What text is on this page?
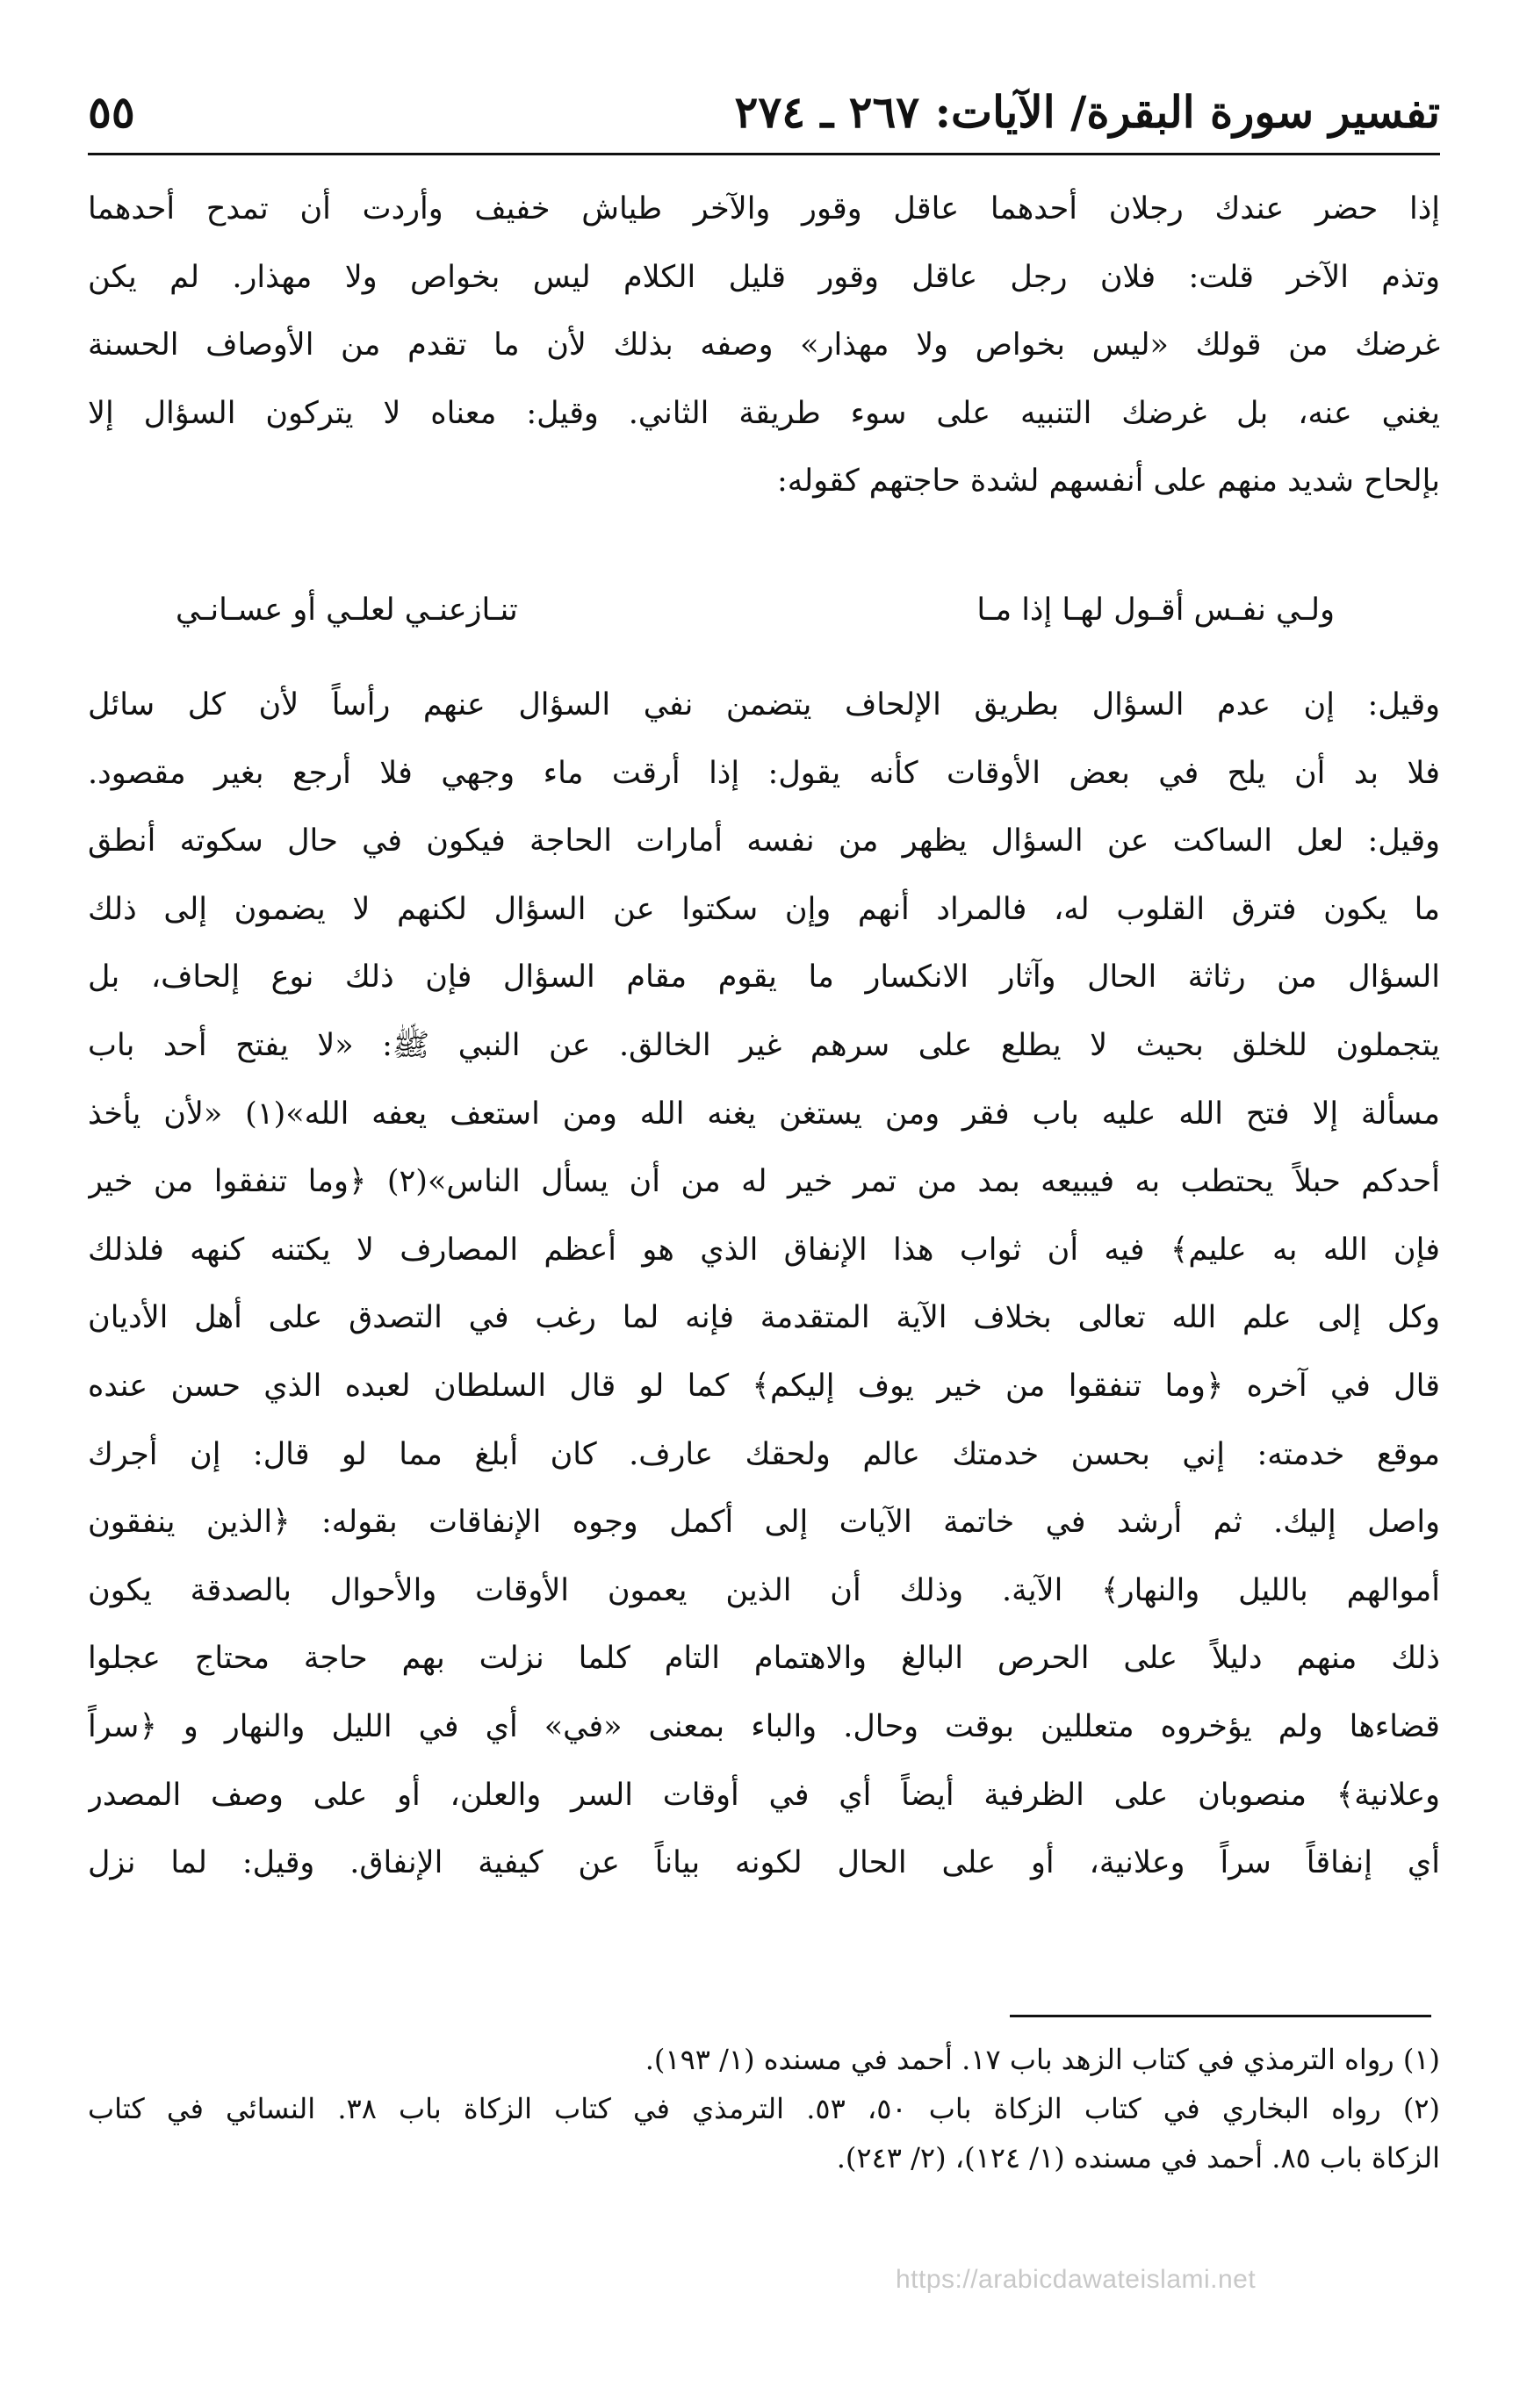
تفسير سورة البقرة/ الآيات: ٢٦٧ ـ ٢٧٤
٥٥
إذا حضر عندك رجلان أحدهما عاقل وقور والآخر طياش خفيف وأردت أن تمدح أحدهما
وتذم الآخر قلت: فلان رجل عاقل وقور قليل الكلام ليس بخواص ولا مهذار. لم يكن
غرضك من قولك «ليس بخواص ولا مهذار» وصفه بذلك لأن ما تقدم من الأوصاف الحسنة
يغني عنه، بل غرضك التنبيه على سوء طريقة الثاني. وقيل: معناه لا يتركون السؤال إلا
بإلحاح شديد منهم على أنفسهم لشدة حاجتهم كقوله:
ولـي نفـس أقـول لهـا إذا مـا
تنـازعنـي لعلـي أو عسـانـي
وقيل: إن عدم السؤال بطريق الإلحاف يتضمن نفي السؤال عنهم رأساً لأن كل سائل
فلا بد أن يلح في بعض الأوقات كأنه يقول: إذا أرقت ماء وجهي فلا أرجع بغير مقصود.
وقيل: لعل الساكت عن السؤال يظهر من نفسه أمارات الحاجة فيكون في حال سكوته أنطق
ما يكون فترق القلوب له، فالمراد أنهم وإن سكتوا عن السؤال لكنهم لا يضمون إلى ذلك
السؤال من رثاثة الحال وآثار الانكسار ما يقوم مقام السؤال فإن ذلك نوع إلحاف، بل
يتجملون للخلق بحيث لا يطلع على سرهم غير الخالق. عن النبي ﷺ: «لا يفتح أحد باب
مسألة إلا فتح الله عليه باب فقر ومن يستغن يغنه الله ومن استعف يعفه الله»(١) «لأن يأخذ
أحدكم حبلاً يحتطب به فيبيعه بمد من تمر خير له من أن يسأل الناس»(٢) ﴿وما تنفقوا من خير
فإن الله به عليم﴾ فيه أن ثواب هذا الإنفاق الذي هو أعظم المصارف لا يكتنه كنهه فلذلك
وكل إلى علم الله تعالى بخلاف الآية المتقدمة فإنه لما رغب في التصدق على أهل الأديان
قال في آخره ﴿وما تنفقوا من خير يوف إليكم﴾ كما لو قال السلطان لعبده الذي حسن عنده
موقع خدمته: إني بحسن خدمتك عالم ولحقك عارف. كان أبلغ مما لو قال: إن أجرك
واصل إليك. ثم أرشد في خاتمة الآيات إلى أكمل وجوه الإنفاقات بقوله: ﴿الذين ينفقون
أموالهم بالليل والنهار﴾ الآية. وذلك أن الذين يعمون الأوقات والأحوال بالصدقة يكون
ذلك منهم دليلاً على الحرص البالغ والاهتمام التام كلما نزلت بهم حاجة محتاج عجلوا
قضاءها ولم يؤخروه متعللين بوقت وحال. والباء بمعنى «في» أي في الليل والنهار و ﴿سراً
وعلانية﴾ منصوبان على الظرفية أيضاً أي في أوقات السر والعلن، أو على وصف المصدر
أي إنفاقاً سراً وعلانية، أو على الحال لكونه بياناً عن كيفية الإنفاق. وقيل: لما نزل
(١) رواه الترمذي في كتاب الزهد باب ١٧. أحمد في مسنده (١/ ١٩٣).
(٢) رواه البخاري في كتاب الزكاة باب ٥٠، ٥٣. الترمذي في كتاب الزكاة باب ٣٨. النسائي في كتاب
الزكاة باب ٨٥. أحمد في مسنده (١/ ١٢٤)، (٢/ ٢٤٣).
https://arabicdawateislami.net
